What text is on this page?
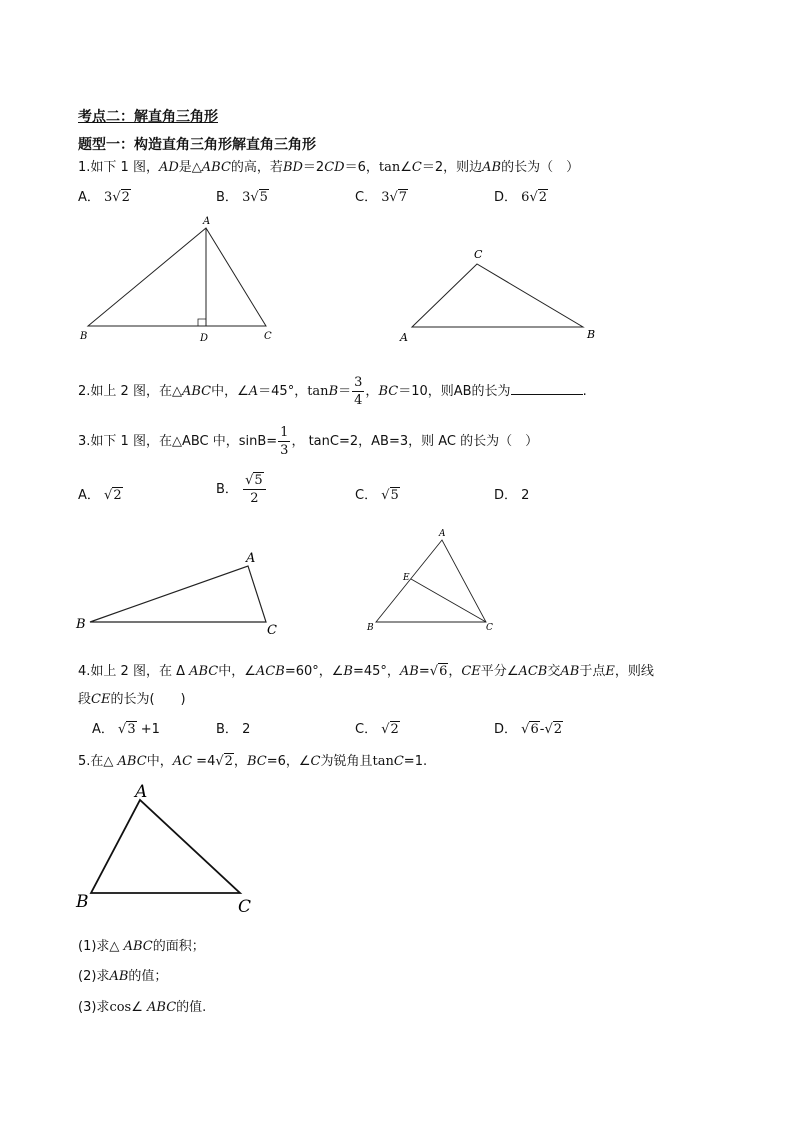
考点二：解直角三角形
题型一：构造直角三角形解直角三角形
1.如下 1 图，AD是△ABC的高，若BD＝2CD＝6，tan∠C＝2，则边AB的长为（　）
A． 3√2	B． 3√5	C． 3√7	D． 6√2
A
B	D	C
C
A	B
A
B	C
A
E
B	C
A
B	C
2.如上 2 图，在△ABC中，∠A＝45°，$\tan B= \frac{3}{4}$ ，BC＝10，则AB的长为	.
3.如下 1 图，在△ABC 中，$\sin B= \frac{1}{3}$ ， tanC=2，AB=3，则 AC 的长为（　）
A． √2	B． $\frac{√5}{2}$	C． √5	D． 2
4.如上 2 图，在 Δ ABC中，∠ACB=60°，∠B=45°，AB=√6，CE平分∠ACB交AB于点E，则线
段CE的长为(　　)
A． √3 +1	B． 2	C． √2	D． √6-√2
5.在△ ABC中，AC =4√2，BC=6，∠C为锐角且tanC=1.
(1)求△ ABC的面积；
(2)求AB的值；
(3)求cos∠ ABC的值.
